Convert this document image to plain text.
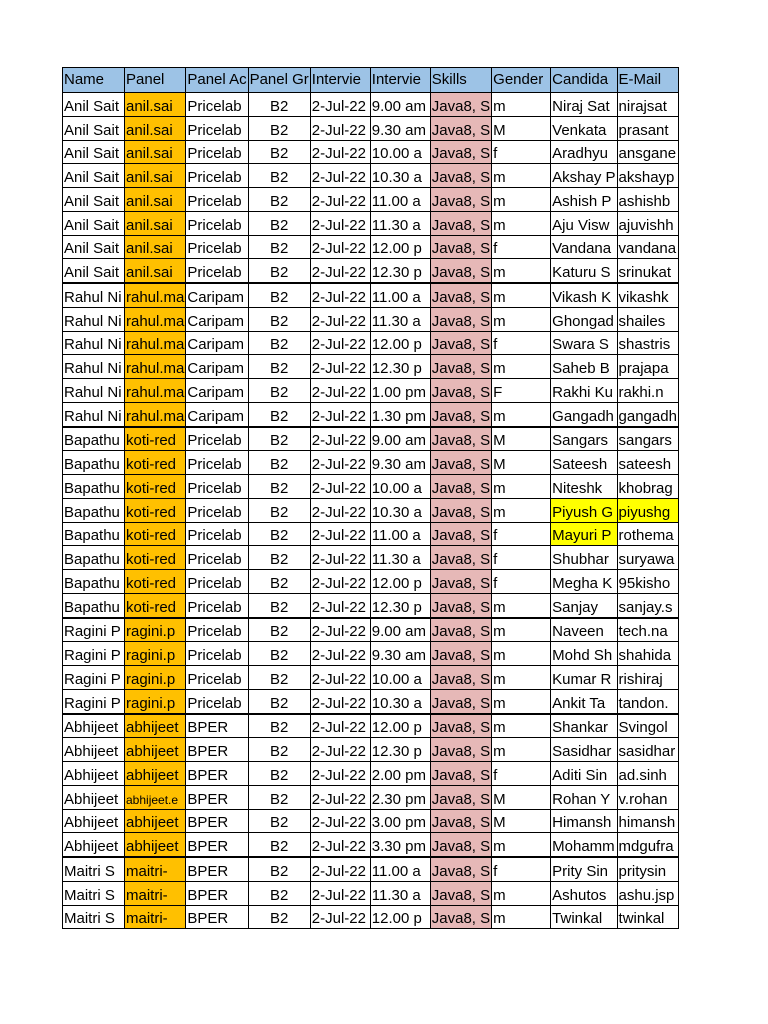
Name	Panel	Panel Ac	Panel Gr	Intervie	Intervie	Skills	Gender	Candida	E-Mail
Anil Sait	anil.sai	Pricelab	B2	2-Jul-22	9.00 am	Java8, S	m	Niraj Sat	nirajsat
Anil Sait	anil.sai	Pricelab	B2	2-Jul-22	9.30 am	Java8, S	M	Venkata	prasant
Anil Sait	anil.sai	Pricelab	B2	2-Jul-22	10.00 a	Java8, S	f	Aradhyu	ansgane
Anil Sait	anil.sai	Pricelab	B2	2-Jul-22	10.30 a	Java8, S	m	Akshay P	akshayp
Anil Sait	anil.sai	Pricelab	B2	2-Jul-22	11.00 a	Java8, S	m	Ashish P	ashishb
Anil Sait	anil.sai	Pricelab	B2	2-Jul-22	11.30 a	Java8, S	m	Aju Visw	ajuvishh
Anil Sait	anil.sai	Pricelab	B2	2-Jul-22	12.00 p	Java8, S	f	Vandana	vandana
Anil Sait	anil.sai	Pricelab	B2	2-Jul-22	12.30 p	Java8, S	m	Katuru S	srinukat
Rahul Ni	rahul.ma	Caripam	B2	2-Jul-22	11.00 a	Java8, S	m	Vikash K	vikashk
Rahul Ni	rahul.ma	Caripam	B2	2-Jul-22	11.30 a	Java8, S	m	Ghongad	shailes
Rahul Ni	rahul.ma	Caripam	B2	2-Jul-22	12.00 p	Java8, S	f	Swara S	shastris
Rahul Ni	rahul.ma	Caripam	B2	2-Jul-22	12.30 p	Java8, S	m	Saheb B	prajapa
Rahul Ni	rahul.ma	Caripam	B2	2-Jul-22	1.00 pm	Java8, S	F	Rakhi Ku	rakhi.n
Rahul Ni	rahul.ma	Caripam	B2	2-Jul-22	1.30 pm	Java8, S	m	Gangadh	gangadh
Bapathu	koti-red	Pricelab	B2	2-Jul-22	9.00 am	Java8, S	M	Sangars	sangars
Bapathu	koti-red	Pricelab	B2	2-Jul-22	9.30 am	Java8, S	M	Sateesh	sateesh
Bapathu	koti-red	Pricelab	B2	2-Jul-22	10.00 a	Java8, S	m	Niteshk	khobrag
Bapathu	koti-red	Pricelab	B2	2-Jul-22	10.30 a	Java8, S	m	Piyush G	piyushg
Bapathu	koti-red	Pricelab	B2	2-Jul-22	11.00 a	Java8, S	f	Mayuri P	rothema
Bapathu	koti-red	Pricelab	B2	2-Jul-22	11.30 a	Java8, S	f	Shubhar	suryawa
Bapathu	koti-red	Pricelab	B2	2-Jul-22	12.00 p	Java8, S	f	Megha K	95kisho
Bapathu	koti-red	Pricelab	B2	2-Jul-22	12.30 p	Java8, S	m	Sanjay	sanjay.s
Ragini P	ragini.p	Pricelab	B2	2-Jul-22	9.00 am	Java8, S	m	Naveen	tech.na
Ragini P	ragini.p	Pricelab	B2	2-Jul-22	9.30 am	Java8, S	m	Mohd Sh	shahida
Ragini P	ragini.p	Pricelab	B2	2-Jul-22	10.00 a	Java8, S	m	Kumar R	rishiraj
Ragini P	ragini.p	Pricelab	B2	2-Jul-22	10.30 a	Java8, S	m	Ankit Ta	tandon.
Abhijeet	abhijeet	BPER	B2	2-Jul-22	12.00 p	Java8, S	m	Shankar	Svingol
Abhijeet	abhijeet	BPER	B2	2-Jul-22	12.30 p	Java8, S	m	Sasidhar	sasidhar
Abhijeet	abhijeet	BPER	B2	2-Jul-22	2.00 pm	Java8, S	f	Aditi Sin	ad.sinh
Abhijeet	abhijeet.e	BPER	B2	2-Jul-22	2.30 pm	Java8, S	M	Rohan Y	v.rohan
Abhijeet	abhijeet	BPER	B2	2-Jul-22	3.00 pm	Java8, S	M	Himansh	himansh
Abhijeet	abhijeet	BPER	B2	2-Jul-22	3.30 pm	Java8, S	m	Mohamm	mdgufra
Maitri S	maitri-	BPER	B2	2-Jul-22	11.00 a	Java8, S	f	Prity Sin	pritysin
Maitri S	maitri-	BPER	B2	2-Jul-22	11.30 a	Java8, S	m	Ashutos	ashu.jsp
Maitri S	maitri-	BPER	B2	2-Jul-22	12.00 p	Java8, S	m	Twinkal	twinkal
